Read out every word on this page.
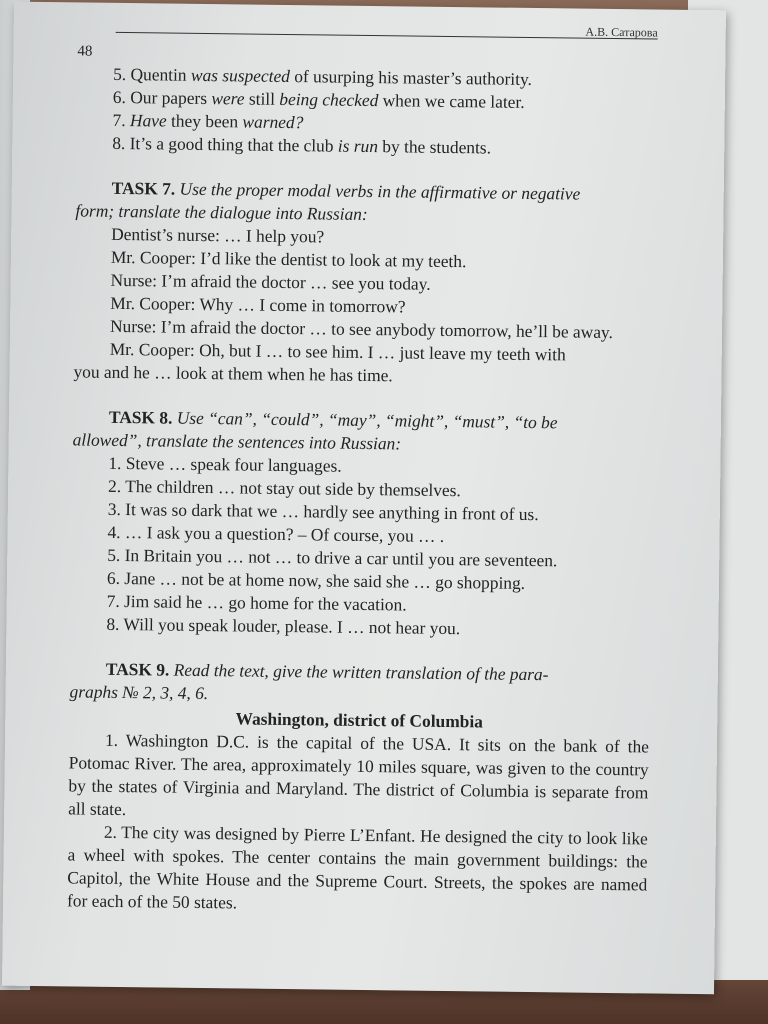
А.В. Сатарова
48
5. Quentin was suspected of usurping his master’s authority.
6. Our papers were still being checked when we came later.
7. Have they been warned?
8. It’s a good thing that the club is run by the students.
TASK 7. Use the proper modal verbs in the affirmative or negative
form; translate the dialogue into Russian:
Dentist’s nurse: … I help you?
Mr. Cooper: I’d like the dentist to look at my teeth.
Nurse: I’m afraid the doctor … see you today.
Mr. Cooper: Why … I come in tomorrow?
Nurse: I’m afraid the doctor … to see anybody tomorrow, he’ll be away.
Mr. Cooper: Oh, but I … to see him. I … just leave my teeth with
you and he … look at them when he has time.
TASK 8. Use “can”, “could”, “may”, “might”, “must”, “to be
allowed”, translate the sentences into Russian:
1. Steve … speak four languages.
2. The children … not stay out side by themselves.
3. It was so dark that we … hardly see anything in front of us.
4. … I ask you a question? – Of course, you … .
5. In Britain you … not … to drive a car until you are seventeen.
6. Jane … not be at home now, she said she … go shopping.
7. Jim said he … go home for the vacation.
8. Will you speak louder, please. I … not hear you.
TASK 9. Read the text, give the written translation of the para-
graphs № 2, 3, 4, 6.
Washington, district of Columbia
1. Washington D.C. is the capital of the USA. It sits on the bank of the Potomac River. The area, approximately 10 miles square, was given to the country by the states of Virginia and Maryland. The district of Columbia is separate from all state.
2. The city was designed by Pierre L’Enfant. He designed the city to look like a wheel with spokes. The center contains the main government buildings: the Capitol, the White House and the Supreme Court. Streets, the spokes are named for each of the 50 states.
